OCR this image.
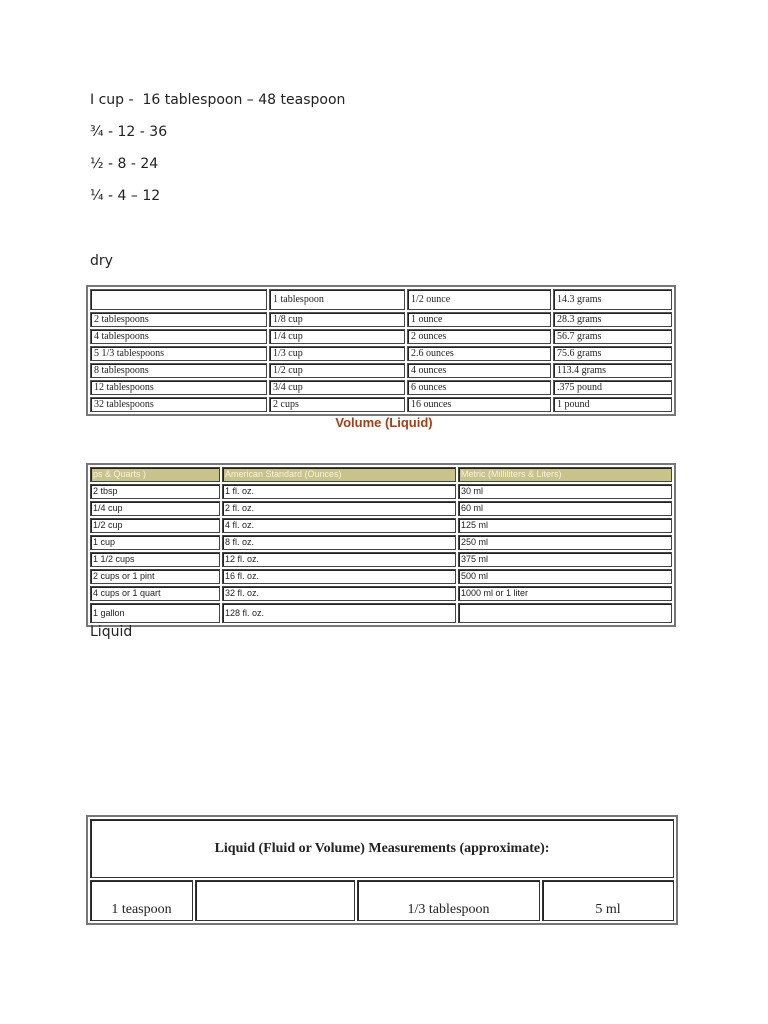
I cup -  16 tablespoon – 48 teaspoon
¾ - 12 - 36
½ - 8 - 24
¼ - 4 – 12
dry
	1 tablespoon	1/2 ounce	14.3 grams
2 tablespoons	1/8 cup	1 ounce	28.3 grams
4 tablespoons	1/4 cup	2 ounces	56.7 grams
5 1/3 tablespoons	1/3 cup	2.6 ounces	75.6 grams
8 tablespoons	1/2 cup	4 ounces	113.4 grams
12 tablespoons	3/4 cup	6 ounces	.375 pound
32 tablespoons	2 cups	16 ounces	1 pound
Volume (Liquid)
ps & Quarts )	American Standard (Ounces)	Metric (Milliliters & Liters)
2 tbsp	1 fl. oz.	30 ml
1/4 cup	2 fl. oz.	60 ml
1/2 cup	4 fl. oz.	125 ml
1 cup	8 fl. oz.	250 ml
1 1/2 cups	12 fl. oz.	375 ml
2 cups or 1 pint	16 fl. oz.	500 ml
4 cups or 1 quart	32 fl. oz.	1000 ml or 1 liter
1 gallon	128 fl. oz.	
Liquid
Liquid (Fluid or Volume) Measurements (approximate):
1 teaspoon		1/3 tablespoon	5 ml
